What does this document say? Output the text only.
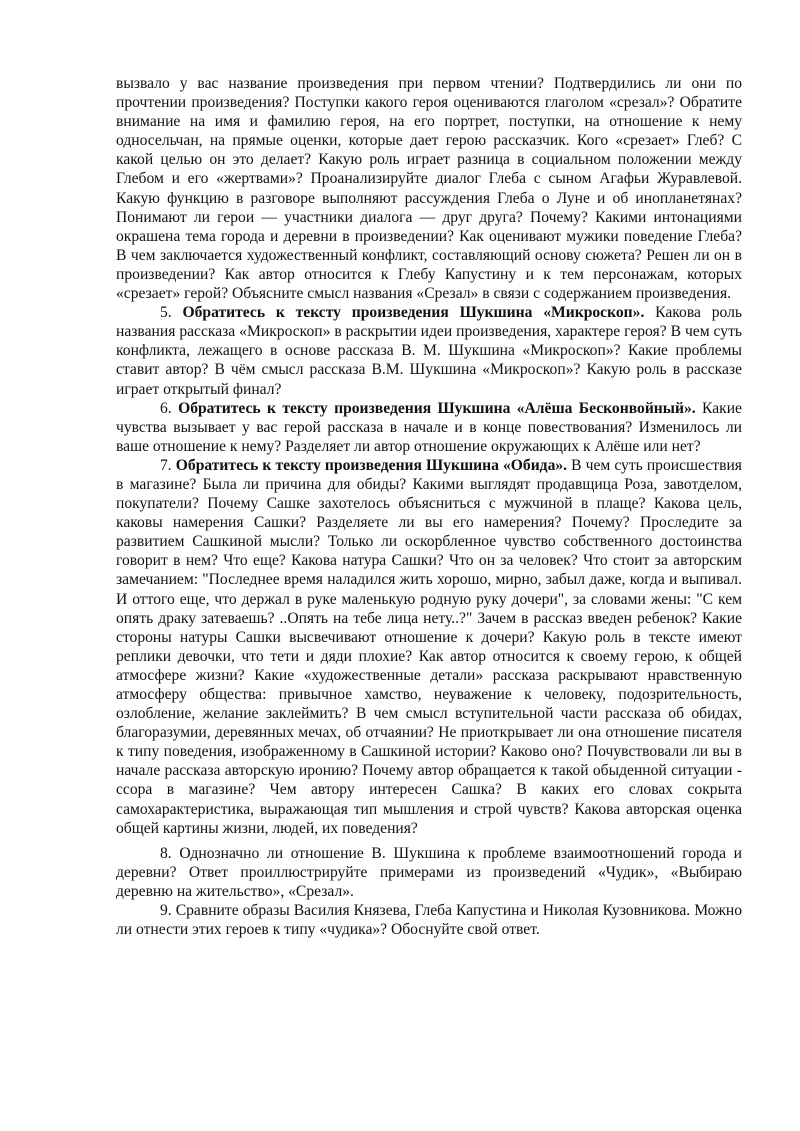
вызвало у вас название произведения при первом чтении? Подтвердились ли они по прочтении произведения? Поступки какого героя оцениваются глаголом «срезал»? Обратите внимание на имя и фамилию героя, на его портрет, поступки, на отношение к нему односельчан, на прямые оценки, которые дает герою рассказчик. Кого «срезает» Глеб? С какой целью он это делает? Какую роль играет разница в социальном положении между Глебом и его «жертвами»? Проанализируйте диалог Глеба с сыном Агафьи Журавлевой. Какую функцию в разговоре выполняют рассуждения Глеба о Луне и об инопланетянах? Понимают ли герои — участники диалога — друг друга? Почему? Какими интонациями окрашена тема города и деревни в произведении? Как оценивают мужики поведение Глеба? В чем заключается художественный конфликт, составляющий основу сюжета? Решен ли он в произведении? Как автор относится к Глебу Капустину и к тем персонажам, которых «срезает» герой? Объясните смысл названия «Срезал» в связи с содержанием произведения.

5. Обратитесь к тексту произведения Шукшина «Микроскоп». Какова роль названия рассказа «Микроскоп» в раскрытии идеи произведения, характере героя? В чем суть конфликта, лежащего в основе рассказа В. М. Шукшина «Микроскоп»? Какие проблемы ставит автор? В чём смысл рассказа В.М. Шукшина «Микроскоп»? Какую роль в рассказе играет открытый финал?

6. Обратитесь к тексту произведения Шукшина «Алёша Бесконвойный». Какие чувства вызывает у вас герой рассказа в начале и в конце повествования? Изменилось ли ваше отношение к нему? Разделяет ли автор отношение окружающих к Алёше или нет?

7. Обратитесь к тексту произведения Шукшина «Обида». В чем суть происшествия в магазине? Была ли причина для обиды? Какими выглядят продавщица Роза, завотделом, покупатели? Почему Сашке захотелось объясниться с мужчиной в плаще? Какова цель, каковы намерения Сашки? Разделяете ли вы его намерения? Почему? Проследите за развитием Сашкиной мысли? Только ли оскорбленное чувство собственного достоинства говорит в нем? Что еще? Какова натура Сашки? Что он за человек? Что стоит за авторским замечанием: "Последнее время наладился жить хорошо, мирно, забыл даже, когда и выпивал. И оттого еще, что держал в руке маленькую родную руку дочери", за словами жены: "С кем опять драку затеваешь? ..Опять на тебе лица нету..?" Зачем в рассказ введен ребенок? Какие стороны натуры Сашки высвечивают отношение к дочери? Какую роль в тексте имеют реплики девочки, что тети и дяди плохие? Как автор относится к своему герою, к общей атмосфере жизни? Какие «художественные детали» рассказа раскрывают нравственную атмосферу общества: привычное хамство, неуважение к человеку, подозрительность, озлобление, желание заклеймить? В чем смысл вступительной части рассказа об обидах, благоразумии, деревянных мечах, об отчаянии? Не приоткрывает ли она отношение писателя к типу поведения, изображенному в Сашкиной истории? Каково оно? Почувствовали ли вы в начале рассказа авторскую иронию? Почему автор обращается к такой обыденной ситуации - ссора в магазине? Чем автору интересен Сашка? В каких его словах сокрыта самохарактеристика, выражающая тип мышления и строй чувств? Какова авторская оценка общей картины жизни, людей, их поведения?

8. Однозначно ли отношение В. Шукшина к проблеме взаимоотношений города и деревни? Ответ проиллюстрируйте примерами из произведений «Чудик», «Выбираю деревню на жительство», «Срезал».

9. Сравните образы Василия Князева, Глеба Капустина и Николая Кузовникова. Можно ли отнести этих героев к типу «чудика»? Обоснуйте свой ответ.
